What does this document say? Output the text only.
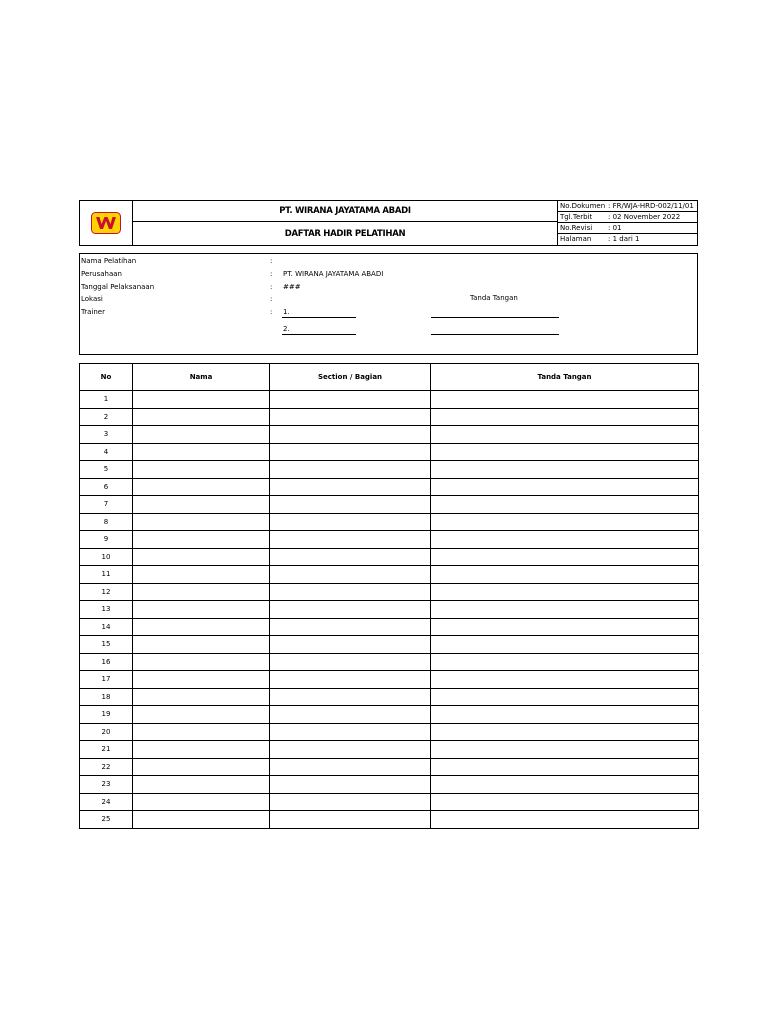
PT. WIRANA JAYATAMA ABADI
DAFTAR HADIR PELATIHAN
No.Dokumen : FR/WJA-HRD-002/11/01
Tgl.Terbit : 02 November 2022
No.Revisi : 01
Halaman : 1 dari 1
Nama Pelatihan	:
Perusahaan	: PT. WIRANA JAYATAMA ABADI
Tanggal Pelaksanaan	: ###
Lokasi	:	Tanda Tangan
Trainer	: 1.
2.
No	Nama	Section / Bagian	Tanda Tangan
1			
2			
3			
4			
5			
6			
7			
8			
9			
10			
11			
12			
13			
14			
15			
16			
17			
18			
19			
20			
21			
22			
23			
24			
25			
